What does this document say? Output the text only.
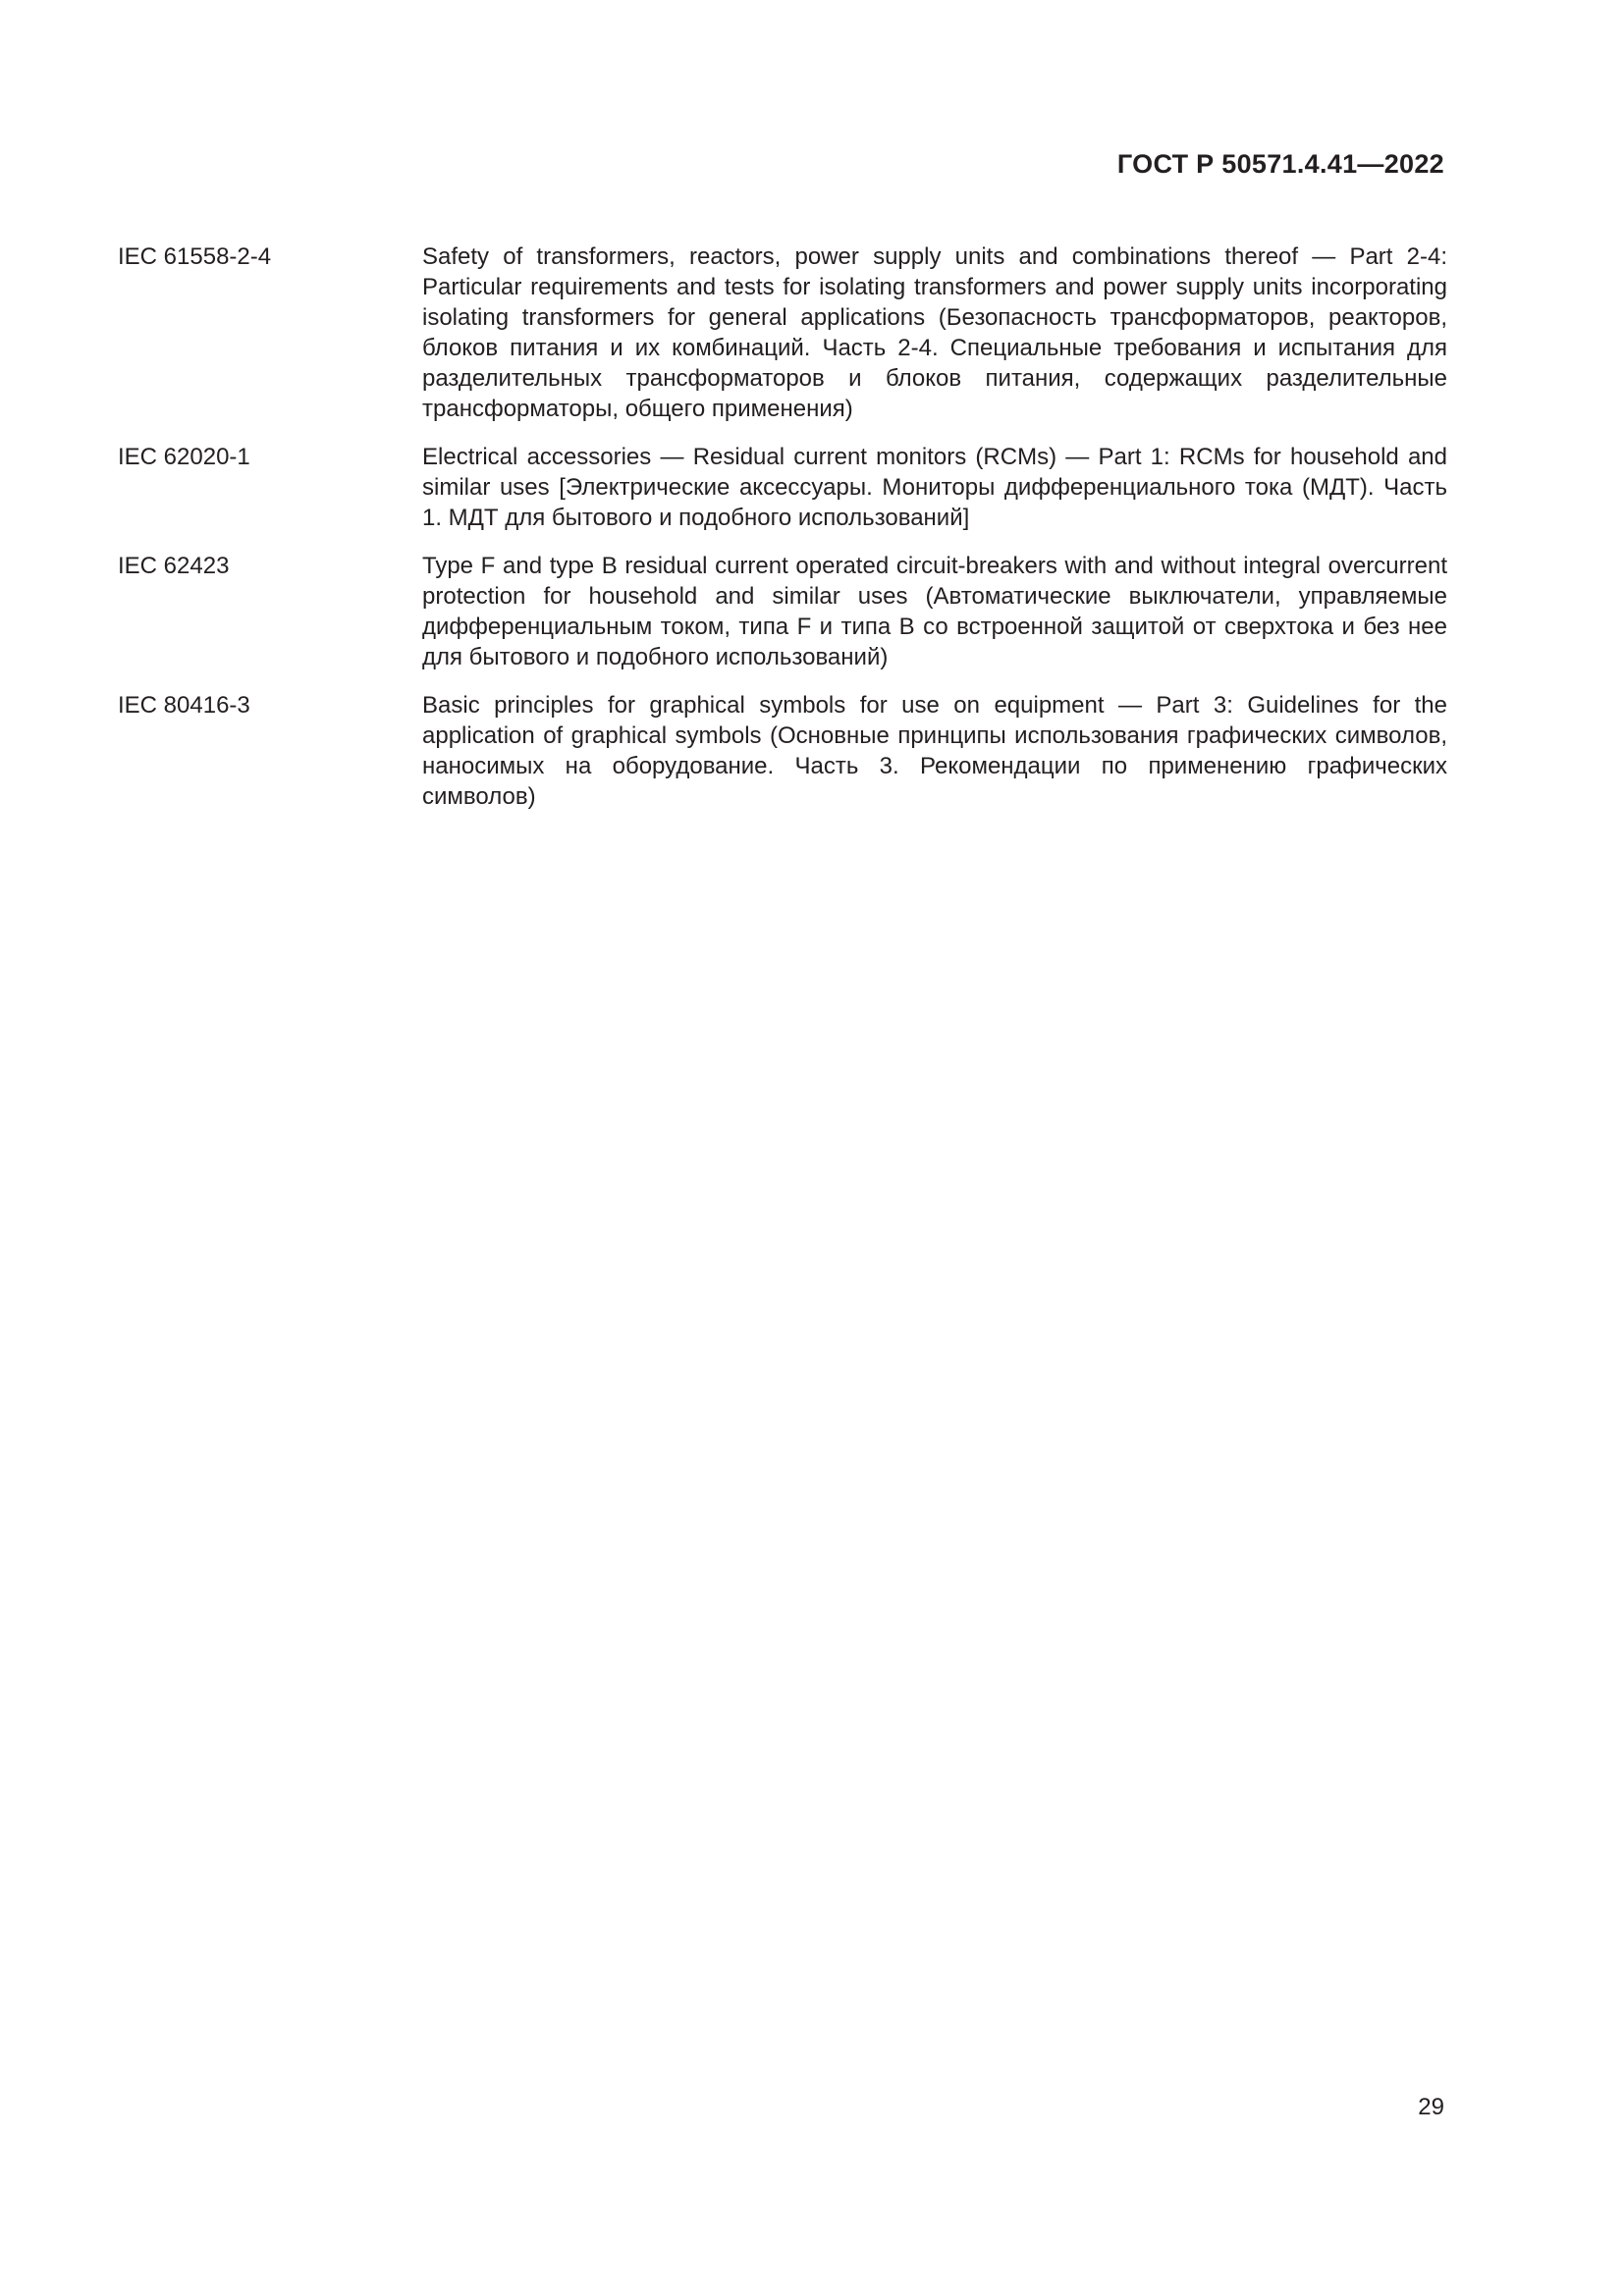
ГОСТ Р 50571.4.41—2022
IEC 61558-2-4	Safety of transformers, reactors, power supply units and combinations thereof — Part 2-4: Particular requirements and tests for isolating transformers and power supply units incorporating isolating transformers for general applications (Безопасность трансформаторов, реакторов, блоков питания и их комбинаций. Часть 2-4. Специальные требования и испытания для разделительных трансформаторов и блоков питания, содержащих разделительные трансформаторы, общего применения)
IEC 62020-1	Electrical accessories — Residual current monitors (RCMs) — Part 1: RCMs for household and similar uses [Электрические аксессуары. Мониторы дифференциального тока (МДТ). Часть 1. МДТ для бытового и подобного использований]
IEC 62423	Type F and type B residual current operated circuit-breakers with and without integral overcurrent protection for household and similar uses (Автоматические выключатели, управляемые дифференциальным током, типа F и типа B со встроенной защитой от сверхтока и без нее для бытового и подобного использований)
IEC 80416-3	Basic principles for graphical symbols for use on equipment — Part 3: Guidelines for the application of graphical symbols (Основные принципы использования графических символов, наносимых на оборудование. Часть 3. Рекомендации по применению графических символов)
29
